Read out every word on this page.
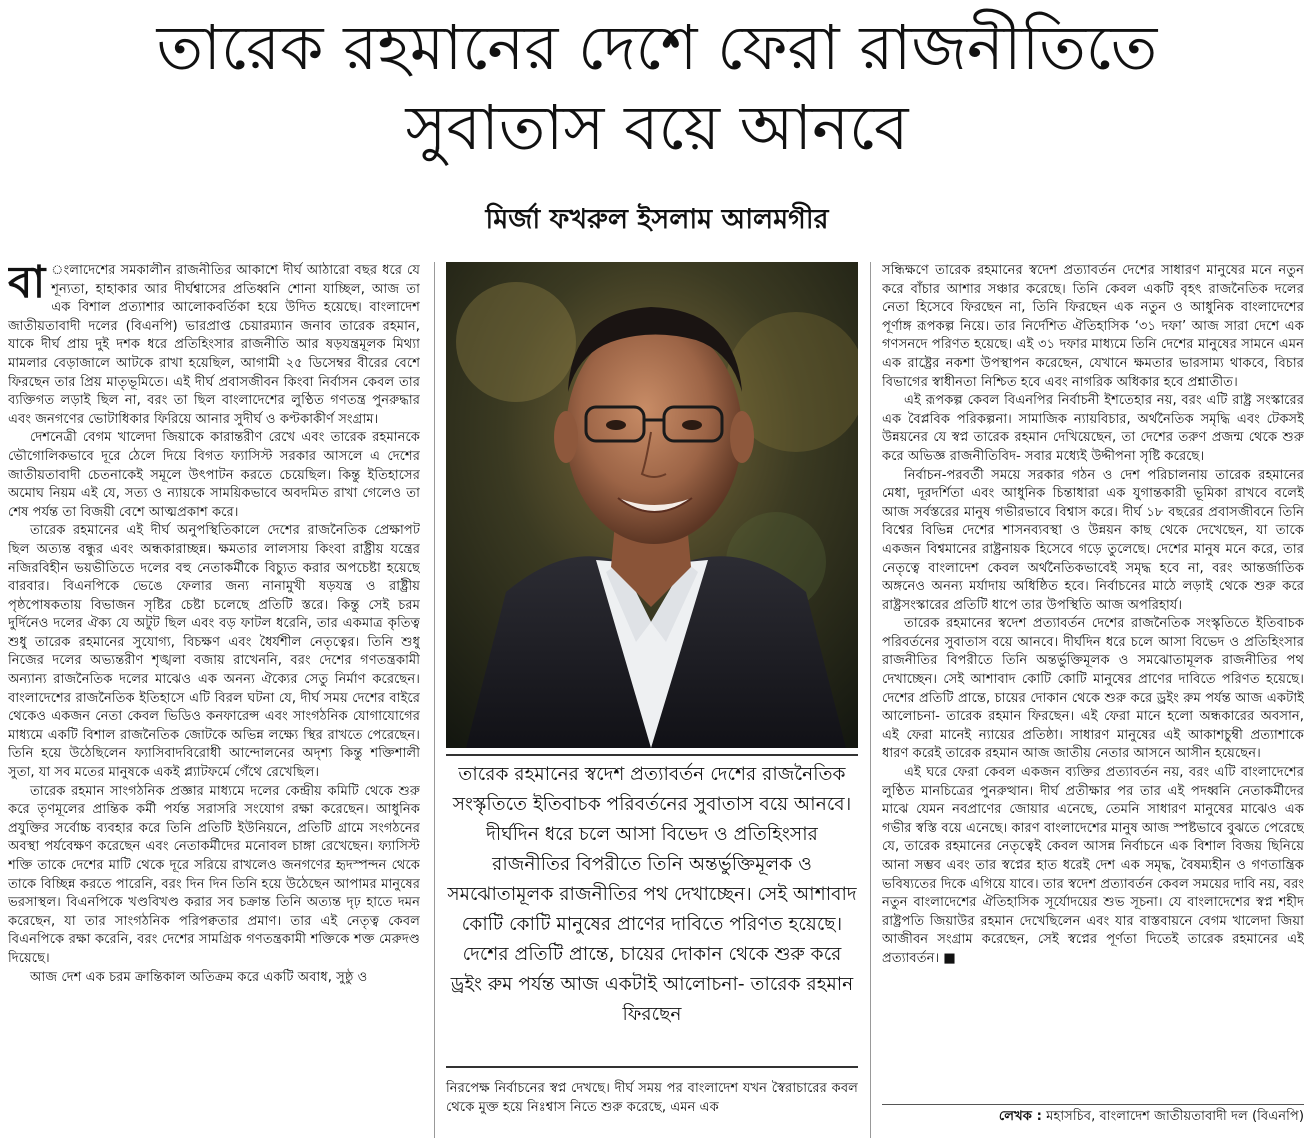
তারেক রহমানের দেশে ফেরা রাজনীতিতে
সুবাতাস বয়ে আনবে
মির্জা ফখরুল ইসলাম আলমগীর

বা ংলাদেশের সমকালীন রাজনীতির আকাশে দীর্ঘ আঠারো বছর ধরে যে শূন্যতা, হাহাকার আর দীর্ঘশ্বাসের প্রতিধ্বনি শোনা যাচ্ছিল, আজ তা এক বিশাল প্রত্যাশার আলোকবর্তিকা হয়ে উদিত হয়েছে। বাংলাদেশ জাতীয়তাবাদী দলের (বিএনপি) ভারপ্রাপ্ত চেয়ারম্যান জনাব তারেক রহমান, যাকে দীর্ঘ প্রায় দুই দশক ধরে প্রতিহিংসার রাজনীতি আর ষড়যন্ত্রমূলক মিথ্যা মামলার বেড়াজালে আটকে রাখা হয়েছিল, আগামী ২৫ ডিসেম্বর বীরের বেশে ফিরছেন তার প্রিয় মাতৃভূমিতে। এই দীর্ঘ প্রবাসজীবন কিংবা নির্বাসন কেবল তার ব্যক্তিগত লড়াই ছিল না, বরং তা ছিল বাংলাদেশের লুণ্ঠিত গণতন্ত্র পুনরুদ্ধার এবং জনগণের ভোটাধিকার ফিরিয়ে আনার সুদীর্ঘ ও কণ্টকাকীর্ণ সংগ্রাম।

দেশনেত্রী বেগম খালেদা জিয়াকে কারান্তরীণ রেখে এবং তারেক রহমানকে ভৌগোলিকভাবে দূরে ঠেলে দিয়ে বিগত ফ্যাসিস্ট সরকার আসলে এ দেশের জাতীয়তাবাদী চেতনাকেই সমূলে উৎপাটন করতে চেয়েছিল। কিন্তু ইতিহাসের অমোঘ নিয়ম এই যে, সত্য ও ন্যায়কে সাময়িকভাবে অবদমিত রাখা গেলেও তা শেষ পর্যন্ত তা বিজয়ী বেশে আত্মপ্রকাশ করে।

তারেক রহমানের এই দীর্ঘ অনুপস্থিতিকালে দেশের রাজনৈতিক প্রেক্ষাপট ছিল অত্যন্ত বন্ধুর এবং অন্ধকারাচ্ছন্ন। ক্ষমতার লালসায় কিংবা রাষ্ট্রীয় যন্ত্রের নজিরবিহীন ভয়ভীতিতে দলের বহু নেতাকর্মীকে বিচ্যুত করার অপচেষ্টা হয়েছে বারবার। বিএনপিকে ভেঙে ফেলার জন্য নানামুখী ষড়যন্ত্র ও রাষ্ট্রীয় পৃষ্ঠপোষকতায় বিভাজন সৃষ্টির চেষ্টা চলেছে প্রতিটি স্তরে। কিন্তু সেই চরম দুর্দিনেও দলের ঐক্য যে অটুট ছিল এবং বড় ফাটল ধরেনি, তার একমাত্র কৃতিত্ব শুধু তারেক রহমানের সুযোগ্য, বিচক্ষণ এবং ধৈর্যশীল নেতৃত্বের। তিনি শুধু নিজের দলের অভ্যন্তরীণ শৃঙ্খলা বজায় রাখেননি, বরং দেশের গণতন্ত্রকামী অন্যান্য রাজনৈতিক দলের মাঝেও এক অনন্য ঐক্যের সেতু নির্মাণ করেছেন। বাংলাদেশের রাজনৈতিক ইতিহাসে এটি বিরল ঘটনা যে, দীর্ঘ সময় দেশের বাইরে থেকেও একজন নেতা কেবল ভিডিও কনফারেন্স এবং সাংগঠনিক যোগাযোগের মাধ্যমে একটি বিশাল রাজনৈতিক জোটকে অভিন্ন লক্ষ্যে স্থির রাখতে পেরেছেন। তিনি হয়ে উঠেছিলেন ফ্যাসিবাদবিরোধী আন্দোলনের অদৃশ্য কিন্তু শক্তিশালী সুতা, যা সব মতের মানুষকে একই প্ল্যাটফর্মে গেঁথে রেখেছিল।

তারেক রহমান সাংগঠনিক প্রজ্ঞার মাধ্যমে দলের কেন্দ্রীয় কমিটি থেকে শুরু করে তৃণমূলের প্রান্তিক কর্মী পর্যন্ত সরাসরি সংযোগ রক্ষা করেছেন। আধুনিক প্রযুক্তির সর্বোচ্চ ব্যবহার করে তিনি প্রতিটি ইউনিয়নে, প্রতিটি গ্রামে সংগঠনের অবস্থা পর্যবেক্ষণ করেছেন এবং নেতাকর্মীদের মনোবল চাঙ্গা রেখেছেন। ফ্যাসিস্ট শক্তি তাকে দেশের মাটি থেকে দূরে সরিয়ে রাখলেও জনগণের হৃদস্পন্দন থেকে তাকে বিচ্ছিন্ন করতে পারেনি, বরং দিন দিন তিনি হয়ে উঠেছেন আপামর মানুষের ভরসাস্থল। বিএনপিকে খণ্ডবিখণ্ড করার সব চক্রান্ত তিনি অত্যন্ত দৃঢ় হাতে দমন করেছেন, যা তার সাংগঠনিক পরিপক্বতার প্রমাণ। তার এই নেতৃত্ব কেবল বিএনপিকে রক্ষা করেনি, বরং দেশের সামগ্রিক গণতন্ত্রকামী শক্তিকে শক্ত মেরুদণ্ড দিয়েছে।

আজ দেশ এক চরম ক্রান্তিকাল অতিক্রম করে একটি অবাধ, সুষ্ঠু ও

তারেক রহমানের স্বদেশ প্রত্যাবর্তন দেশের রাজনৈতিক সংস্কৃতিতে ইতিবাচক পরিবর্তনের সুবাতাস বয়ে আনবে। দীর্ঘদিন ধরে চলে আসা বিভেদ ও প্রতিহিংসার রাজনীতির বিপরীতে তিনি অন্তর্ভুক্তিমূলক ও সমঝোতামূলক রাজনীতির পথ দেখাচ্ছেন। সেই আশাবাদ কোটি কোটি মানুষের প্রাণের দাবিতে পরিণত হয়েছে। দেশের প্রতিটি প্রান্তে, চায়ের দোকান থেকে শুরু করে ড্রইং রুম পর্যন্ত আজ একটাই আলোচনা- তারেক রহমান ফিরছেন
নিরপেক্ষ নির্বাচনের স্বপ্ন দেখছে। দীর্ঘ সময় পর বাংলাদেশ যখন স্বৈরাচারের কবল থেকে মুক্ত হয়ে নিঃশ্বাস নিতে শুরু করেছে, এমন এক

সন্ধিক্ষণে তারেক রহমানের স্বদেশ প্রত্যাবর্তন দেশের সাধারণ মানুষের মনে নতুন করে বাঁচার আশার সঞ্চার করেছে। তিনি কেবল একটি বৃহৎ রাজনৈতিক দলের নেতা হিসেবে ফিরছেন না, তিনি ফিরছেন এক নতুন ও আধুনিক বাংলাদেশের পূর্ণাঙ্গ রূপকল্প নিয়ে। তার নির্দেশিত ঐতিহাসিক ‘৩১ দফা’ আজ সারা দেশে এক গণসনদে পরিণত হয়েছে। এই ৩১ দফার মাধ্যমে তিনি দেশের মানুষের সামনে এমন এক রাষ্ট্রের নকশা উপস্থাপন করেছেন, যেখানে ক্ষমতার ভারসাম্য থাকবে, বিচার বিভাগের স্বাধীনতা নিশ্চিত হবে এবং নাগরিক অধিকার হবে প্রশ্নাতীত।

এই রূপকল্প কেবল বিএনপির নির্বাচনী ইশতেহার নয়, বরং এটি রাষ্ট্র সংস্কারের এক বৈপ্লবিক পরিকল্পনা। সামাজিক ন্যায়বিচার, অর্থনৈতিক সমৃদ্ধি এবং টেকসই উন্নয়নের যে স্বপ্ন তারেক রহমান দেখিয়েছেন, তা দেশের তরুণ প্রজন্ম থেকে শুরু করে অভিজ্ঞ রাজনীতিবিদ- সবার মধ্যেই উদ্দীপনা সৃষ্টি করেছে।

নির্বাচন-পরবর্তী সময়ে সরকার গঠন ও দেশ পরিচালনায় তারেক রহমানের মেধা, দূরদর্শিতা এবং আধুনিক চিন্তাধারা এক যুগান্তকারী ভূমিকা রাখবে বলেই আজ সর্বস্তরের মানুষ গভীরভাবে বিশ্বাস করে। দীর্ঘ ১৮ বছরের প্রবাসজীবনে তিনি বিশ্বের বিভিন্ন দেশের শাসনব্যবস্থা ও উন্নয়ন কাছ থেকে দেখেছেন, যা তাকে একজন বিশ্বমানের রাষ্ট্রনায়ক হিসেবে গড়ে তুলেছে। দেশের মানুষ মনে করে, তার নেতৃত্বে বাংলাদেশ কেবল অর্থনৈতিকভাবেই সমৃদ্ধ হবে না, বরং আন্তর্জাতিক অঙ্গনেও অনন্য মর্যাদায় অধিষ্ঠিত হবে। নির্বাচনের মাঠে লড়াই থেকে শুরু করে রাষ্ট্রসংস্কারের প্রতিটি ধাপে তার উপস্থিতি আজ অপরিহার্য।

তারেক রহমানের স্বদেশ প্রত্যাবর্তন দেশের রাজনৈতিক সংস্কৃতিতে ইতিবাচক পরিবর্তনের সুবাতাস বয়ে আনবে। দীর্ঘদিন ধরে চলে আসা বিভেদ ও প্রতিহিংসার রাজনীতির বিপরীতে তিনি অন্তর্ভুক্তিমূলক ও সমঝোতামূলক রাজনীতির পথ দেখাচ্ছেন। সেই আশাবাদ কোটি কোটি মানুষের প্রাণের দাবিতে পরিণত হয়েছে। দেশের প্রতিটি প্রান্তে, চায়ের দোকান থেকে শুরু করে ড্রইং রুম পর্যন্ত আজ একটাই আলোচনা- তারেক রহমান ফিরছেন। এই ফেরা মানে হলো অন্ধকারের অবসান, এই ফেরা মানেই ন্যায়ের প্রতিষ্ঠা। সাধারণ মানুষের এই আকাশচুম্বী প্রত্যাশাকে ধারণ করেই তারেক রহমান আজ জাতীয় নেতার আসনে আসীন হয়েছেন।

এই ঘরে ফেরা কেবল একজন ব্যক্তির প্রত্যাবর্তন নয়, বরং এটি বাংলাদেশের লুণ্ঠিত মানচিত্রের পুনরুত্থান। দীর্ঘ প্রতীক্ষার পর তার এই পদধ্বনি নেতাকর্মীদের মাঝে যেমন নবপ্রাণের জোয়ার এনেছে, তেমনি সাধারণ মানুষের মাঝেও এক গভীর স্বস্তি বয়ে এনেছে। কারণ বাংলাদেশের মানুষ আজ স্পষ্টভাবে বুঝতে পেরেছে যে, তারেক রহমানের নেতৃত্বেই কেবল আসন্ন নির্বাচনে এক বিশাল বিজয় ছিনিয়ে আনা সম্ভব এবং তার স্বপ্নের হাত ধরেই দেশ এক সমৃদ্ধ, বৈষম্যহীন ও গণতান্ত্রিক ভবিষ্যতের দিকে এগিয়ে যাবে। তার স্বদেশ প্রত্যাবর্তন কেবল সময়ের দাবি নয়, বরং নতুন বাংলাদেশের ঐতিহাসিক সূর্যোদয়ের শুভ সূচনা। যে বাংলাদেশের স্বপ্ন শহীদ রাষ্ট্রপতি জিয়াউর রহমান দেখেছিলেন এবং যার বাস্তবায়নে বেগম খালেদা জিয়া আজীবন সংগ্রাম করেছেন, সেই স্বপ্নের পূর্ণতা দিতেই তারেক রহমানের এই প্রত্যাবর্তন। ■

লেখক : মহাসচিব, বাংলাদেশ জাতীয়তাবাদী দল (বিএনপি)
